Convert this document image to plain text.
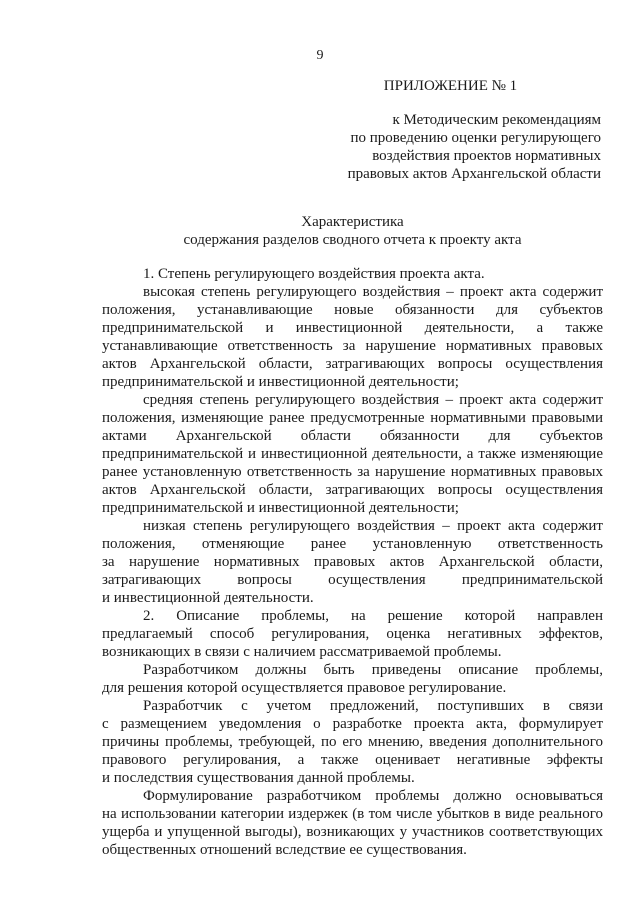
9
ПРИЛОЖЕНИЕ № 1
к Методическим рекомендациям
по проведению оценки регулирующего
воздействия проектов нормативных
правовых актов Архангельской области
Характеристика
содержания разделов сводного отчета к проекту акта
1. Степень регулирующего воздействия проекта акта.
высокая степень регулирующего воздействия – проект акта содержит
положения, устанавливающие новые обязанности для субъектов
предпринимательской и инвестиционной деятельности, а также
устанавливающие ответственность за нарушение нормативных правовых
актов Архангельской области, затрагивающих вопросы осуществления
предпринимательской и инвестиционной деятельности;
средняя степень регулирующего воздействия – проект акта содержит
положения, изменяющие ранее предусмотренные нормативными правовыми
актами Архангельской области обязанности для субъектов
предпринимательской и инвестиционной деятельности, а также изменяющие
ранее установленную ответственность за нарушение нормативных правовых
актов Архангельской области, затрагивающих вопросы осуществления
предпринимательской и инвестиционной деятельности;
низкая степень регулирующего воздействия – проект акта содержит
положения, отменяющие ранее установленную ответственность
за нарушение нормативных правовых актов Архангельской области,
затрагивающих вопросы осуществления предпринимательской
и инвестиционной деятельности.
2. Описание проблемы, на решение которой направлен
предлагаемый способ регулирования, оценка негативных эффектов,
возникающих в связи с наличием рассматриваемой проблемы.
Разработчиком должны быть приведены описание проблемы,
для решения которой осуществляется правовое регулирование.
Разработчик с учетом предложений, поступивших в связи
с размещением уведомления о разработке проекта акта, формулирует
причины проблемы, требующей, по его мнению, введения дополнительного
правового регулирования, а также оценивает негативные эффекты
и последствия существования данной проблемы.
Формулирование разработчиком проблемы должно основываться
на использовании категории издержек (в том числе убытков в виде реального
ущерба и упущенной выгоды), возникающих у участников соответствующих
общественных отношений вследствие ее существования.
